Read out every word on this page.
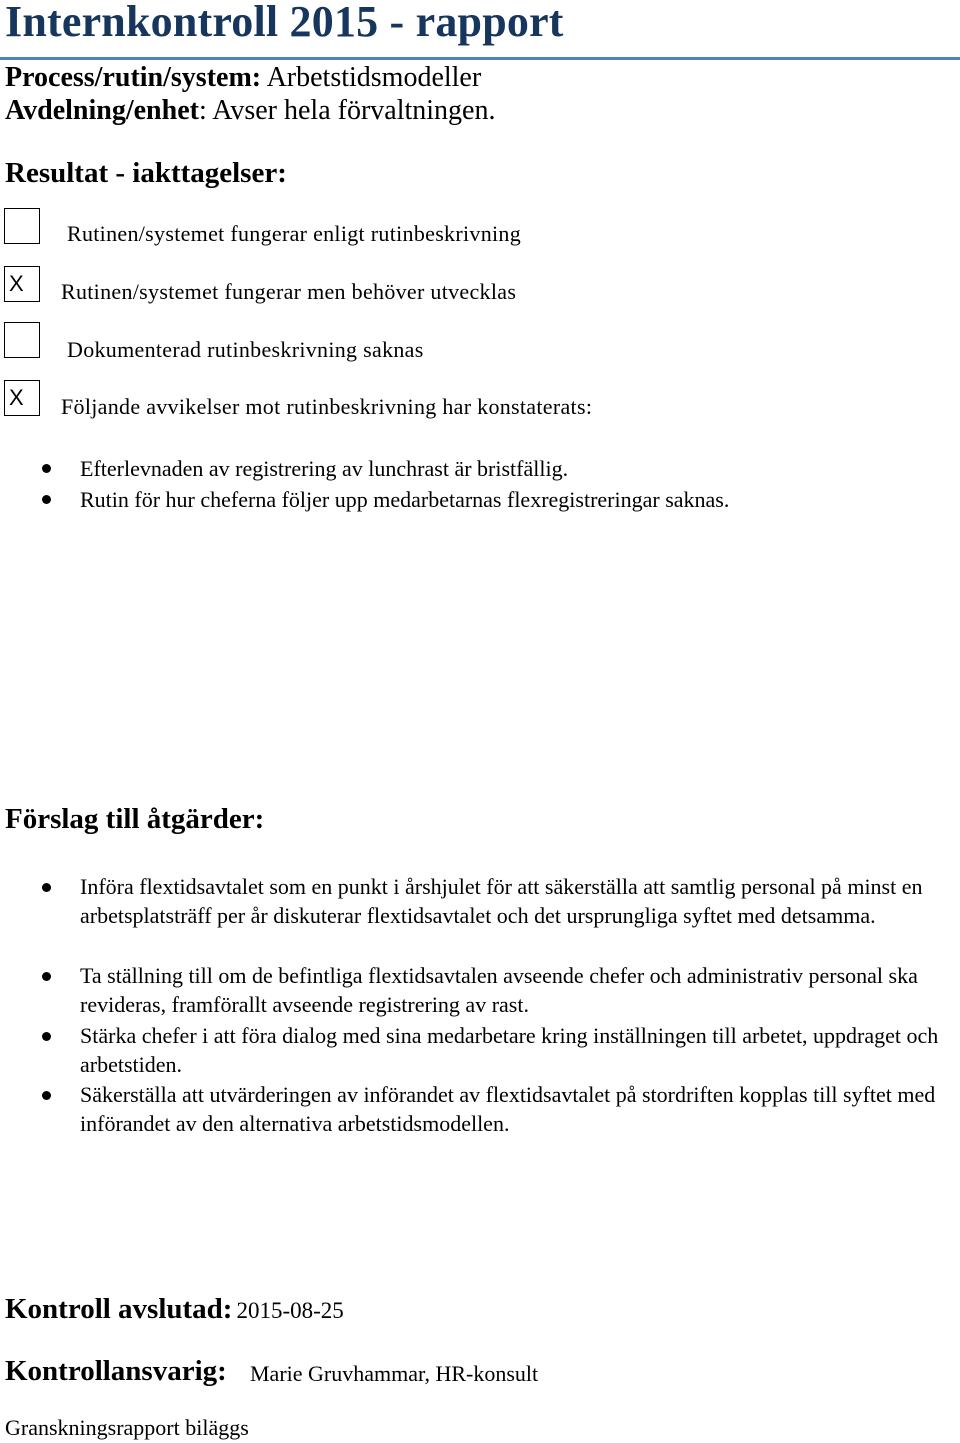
Internkontroll 2015 - rapport
Process/rutin/system: Arbetstidsmodeller
Avdelning/enhet: Avser hela förvaltningen.
Resultat - iakttagelser:
Rutinen/systemet fungerar enligt rutinbeskrivning
X	Rutinen/systemet fungerar men behöver utvecklas
Dokumenterad rutinbeskrivning saknas
X	Följande avvikelser mot rutinbeskrivning har konstaterats:
Efterlevnaden av registrering av lunchrast är bristfällig.
Rutin för hur cheferna följer upp medarbetarnas flexregistreringar saknas.
Förslag till åtgärder:
Införa flextidsavtalet som en punkt i årshjulet för att säkerställa att samtlig personal på minst en arbetsplatsträff per år diskuterar flextidsavtalet och det ursprungliga syftet med detsamma.
Ta ställning till om de befintliga flextidsavtalen avseende chefer och administrativ personal ska revideras, framförallt avseende registrering av rast.
Stärka chefer i att föra dialog med sina medarbetare kring inställningen till arbetet, uppdraget och arbetstiden.
Säkerställa att utvärderingen av införandet av flextidsavtalet på stordriften kopplas till syftet med införandet av den alternativa arbetstidsmodellen.
Kontroll avslutad: 2015-08-25
Kontrollansvarig: Marie Gruvhammar, HR-konsult
Granskningsrapport biläggs
